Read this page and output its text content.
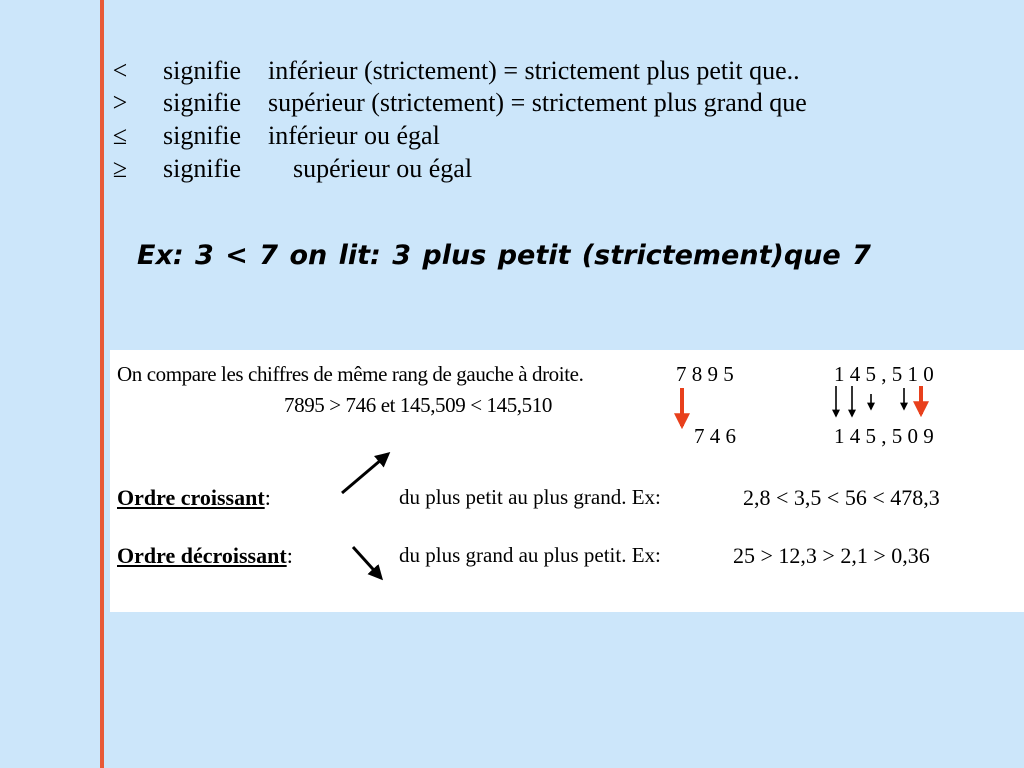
< signifie inférieur (strictement) = strictement plus petit que..
> signifie supérieur (strictement) = strictement plus grand que
≤	signifie inférieur ou égal
≥	signifie supérieur ou égal
Ex: 3 < 7 on lit: 3 plus petit (strictement)que 7
On compare les chiffres de même rang de gauche à droite.	7 8 9 5	1 4 5 , 5 1 0
7895 > 746 et 145,509 < 145,510
7 4 6	1 4 5 , 5 0 9
Ordre croissant:	du plus petit au plus grand. Ex:	2,8 < 3,5 < 56 < 478,3
Ordre décroissant:	du plus grand au plus petit. Ex:	25 > 12,3 > 2,1 > 0,36
